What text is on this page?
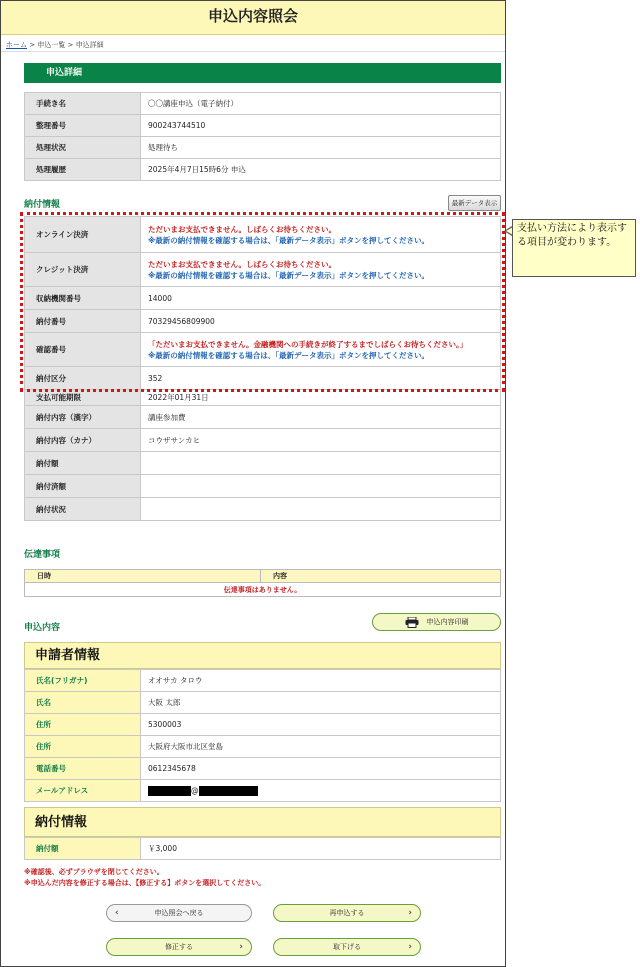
申込内容照会
ホーム > 申込一覧 > 申込詳細
申込詳細
手続き名	〇〇講座申込（電子納付）
整理番号	900243744510
処理状況	処理待ち
処理履歴	2025年4月7日15時6分 申込
納付情報	最新データ表示
オンライン決済	ただいまお支払できません。しばらくお待ちください。
※最新の納付情報を確認する場合は、「最新データ表示」ボタンを押してください。

クレジット決済	ただいまお支払できません。しばらくお待ちください。
※最新の納付情報を確認する場合は、「最新データ表示」ボタンを押してください。

収納機関番号	14000
納付番号	70329456809900
確認番号	「ただいまお支払できません。金融機関への手続きが終了するまでしばらくお待ちください。」
※最新の納付情報を確認する場合は、「最新データ表示」ボタンを押してください。

納付区分	352
支払可能期限	2022年01月31日
納付内容（漢字）	講座参加費
納付内容（カナ）	コウザサンカヒ
納付額	
納付済額	
納付状況	
支払い方法により表示する項目が変わります。
伝達事項
日時	内容
伝達事項はありません。
申込内容
申込内容印刷
申請者情報
氏名(フリガナ)	オオサカ タロウ
氏名	大阪 太郎
住所	5300003
住所	大阪府大阪市北区堂島
電話番号	0612345678
メールアドレス	@
納付情報
納付額	￥3,000
※確認後、必ずブラウザを閉じてください。
※申込んだ内容を修正する場合は、【修正する】ボタンを選択してください。
‹	申込照会へ戻る	再申込する	›
修正する	›	取下げる	›
